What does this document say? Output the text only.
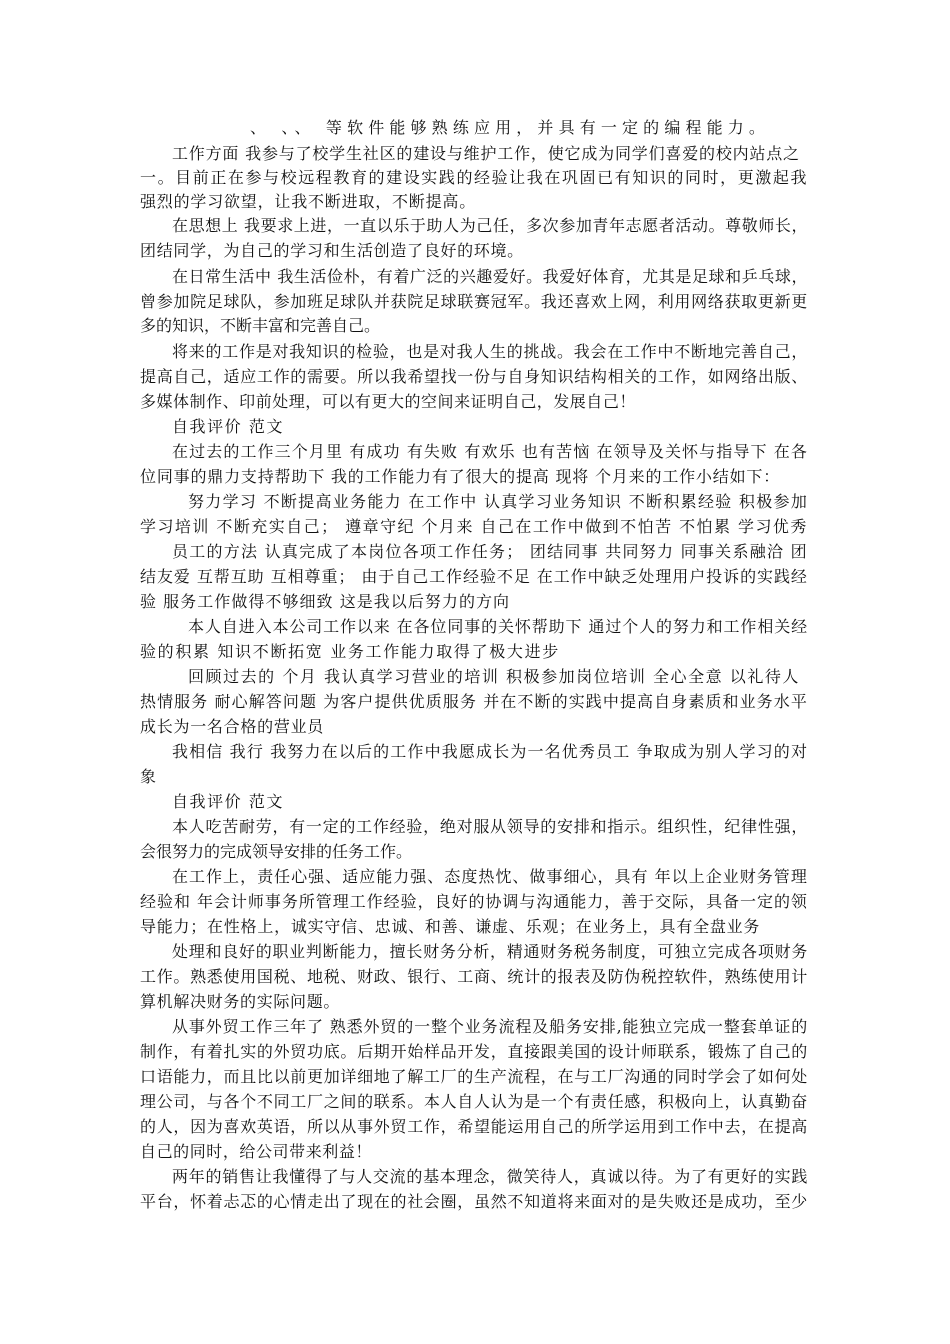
、 、、 等软件能够熟练应用，并具有一定的编程能力。
工作方面 我参与了校学生社区的建设与维护工作，使它成为同学们喜爱的校内站点之
一。目前正在参与校远程教育的建设实践的经验让我在巩固已有知识的同时，更激起我
强烈的学习欲望，让我不断进取，不断提高。
在思想上 我要求上进，一直以乐于助人为己任，多次参加青年志愿者活动。尊敬师长，
团结同学，为自己的学习和生活创造了良好的环境。
在日常生活中 我生活俭朴，有着广泛的兴趣爱好。我爱好体育，尤其是足球和乒乓球，
曾参加院足球队，参加班足球队并获院足球联赛冠军。我还喜欢上网，利用网络获取更新更
多的知识，不断丰富和完善自己。
将来的工作是对我知识的检验，也是对我人生的挑战。我会在工作中不断地完善自己，
提高自己，适应工作的需要。所以我希望找一份与自身知识结构相关的工作，如网络出版、
多媒体制作、印前处理，可以有更大的空间来证明自己，发展自己！
自我评价 范文
在过去的工作三个月里 有成功 有失败 有欢乐 也有苦恼 在领导及关怀与指导下 在各
位同事的鼎力支持帮助下 我的工作能力有了很大的提高 现将 个月来的工作小结如下：
努力学习 不断提高业务能力 在工作中 认真学习业务知识 不断积累经验 积极参加
学习培训 不断充实自己； 遵章守纪 个月来 自己在工作中做到不怕苦 不怕累 学习优秀
员工的方法 认真完成了本岗位各项工作任务； 团结同事 共同努力 同事关系融洽 团
结友爱 互帮互助 互相尊重； 由于自己工作经验不足 在工作中缺乏处理用户投诉的实践经
验 服务工作做得不够细致 这是我以后努力的方向
本人自进入本公司工作以来 在各位同事的关怀帮助下 通过个人的努力和工作相关经
验的积累 知识不断拓宽 业务工作能力取得了极大进步
回顾过去的 个月 我认真学习营业的培训 积极参加岗位培训 全心全意 以礼待人
热情服务 耐心解答问题 为客户提供优质服务 并在不断的实践中提高自身素质和业务水平
成长为一名合格的营业员
我相信 我行 我努力在以后的工作中我愿成长为一名优秀员工 争取成为别人学习的对
象
自我评价 范文
本人吃苦耐劳，有一定的工作经验，绝对服从领导的安排和指示。组织性，纪律性强，
会很努力的完成领导安排的任务工作。
在工作上，责任心强、适应能力强、态度热忱、做事细心，具有 年以上企业财务管理
经验和 年会计师事务所管理工作经验，良好的协调与沟通能力，善于交际，具备一定的领
导能力；在性格上，诚实守信、忠诚、和善、谦虚、乐观；在业务上，具有全盘业务
处理和良好的职业判断能力，擅长财务分析，精通财务税务制度，可独立完成各项财务
工作。熟悉使用国税、地税、财政、银行、工商、统计的报表及防伪税控软件，熟练使用计
算机解决财务的实际问题。
从事外贸工作三年了 熟悉外贸的一整个业务流程及船务安排,能独立完成一整套单证的
制作，有着扎实的外贸功底。后期开始样品开发，直接跟美国的设计师联系，锻炼了自己的
口语能力，而且比以前更加详细地了解工厂的生产流程，在与工厂沟通的同时学会了如何处
理公司，与各个不同工厂之间的联系。本人自人认为是一个有责任感，积极向上，认真勤奋
的人，因为喜欢英语，所以从事外贸工作，希望能运用自己的所学运用到工作中去，在提高
自己的同时，给公司带来利益！
两年的销售让我懂得了与人交流的基本理念，微笑待人，真诚以待。为了有更好的实践
平台，怀着忐忑的心情走出了现在的社会圈，虽然不知道将来面对的是失败还是成功，至少
